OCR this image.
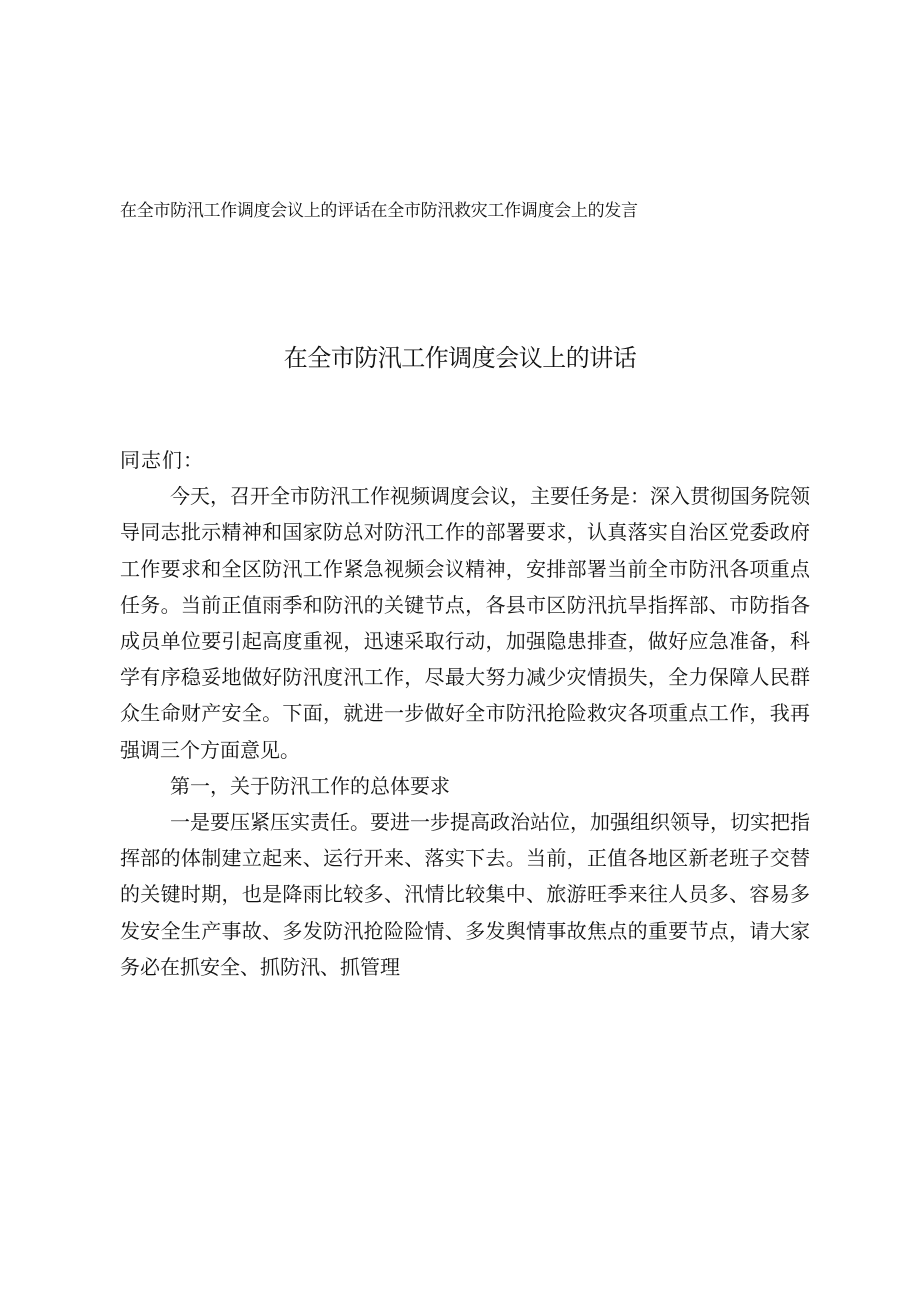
在全市防汛工作调度会议上的评话在全市防汛救灾工作调度会上的发言
在全市防汛工作调度会议上的讲话

同志们：

今天，召开全市防汛工作视频调度会议，主要任务是：深入贯彻国务院领导同志批示精神和国家防总对防汛工作的部署要求，认真落实自治区党委政府工作要求和全区防汛工作紧急视频会议精神，安排部署当前全市防汛各项重点任务。当前正值雨季和防汛的关键节点，各县市区防汛抗旱指挥部、市防指各成员单位要引起高度重视，迅速采取行动，加强隐患排查，做好应急准备，科学有序稳妥地做好防汛度汛工作，尽最大努力减少灾情损失，全力保障人民群众生命财产安全。下面，就进一步做好全市防汛抢险救灾各项重点工作，我再强调三个方面意见。

第一，关于防汛工作的总体要求

一是要压紧压实责任。要进一步提高政治站位，加强组织领导，切实把指挥部的体制建立起来、运行开来、落实下去。当前，正值各地区新老班子交替的关键时期，也是降雨比较多、汛情比较集中、旅游旺季来往人员多、容易多发安全生产事故、多发防汛抢险险情、多发舆情事故焦点的重要节点，请大家务必在抓安全、抓防汛、抓管理
